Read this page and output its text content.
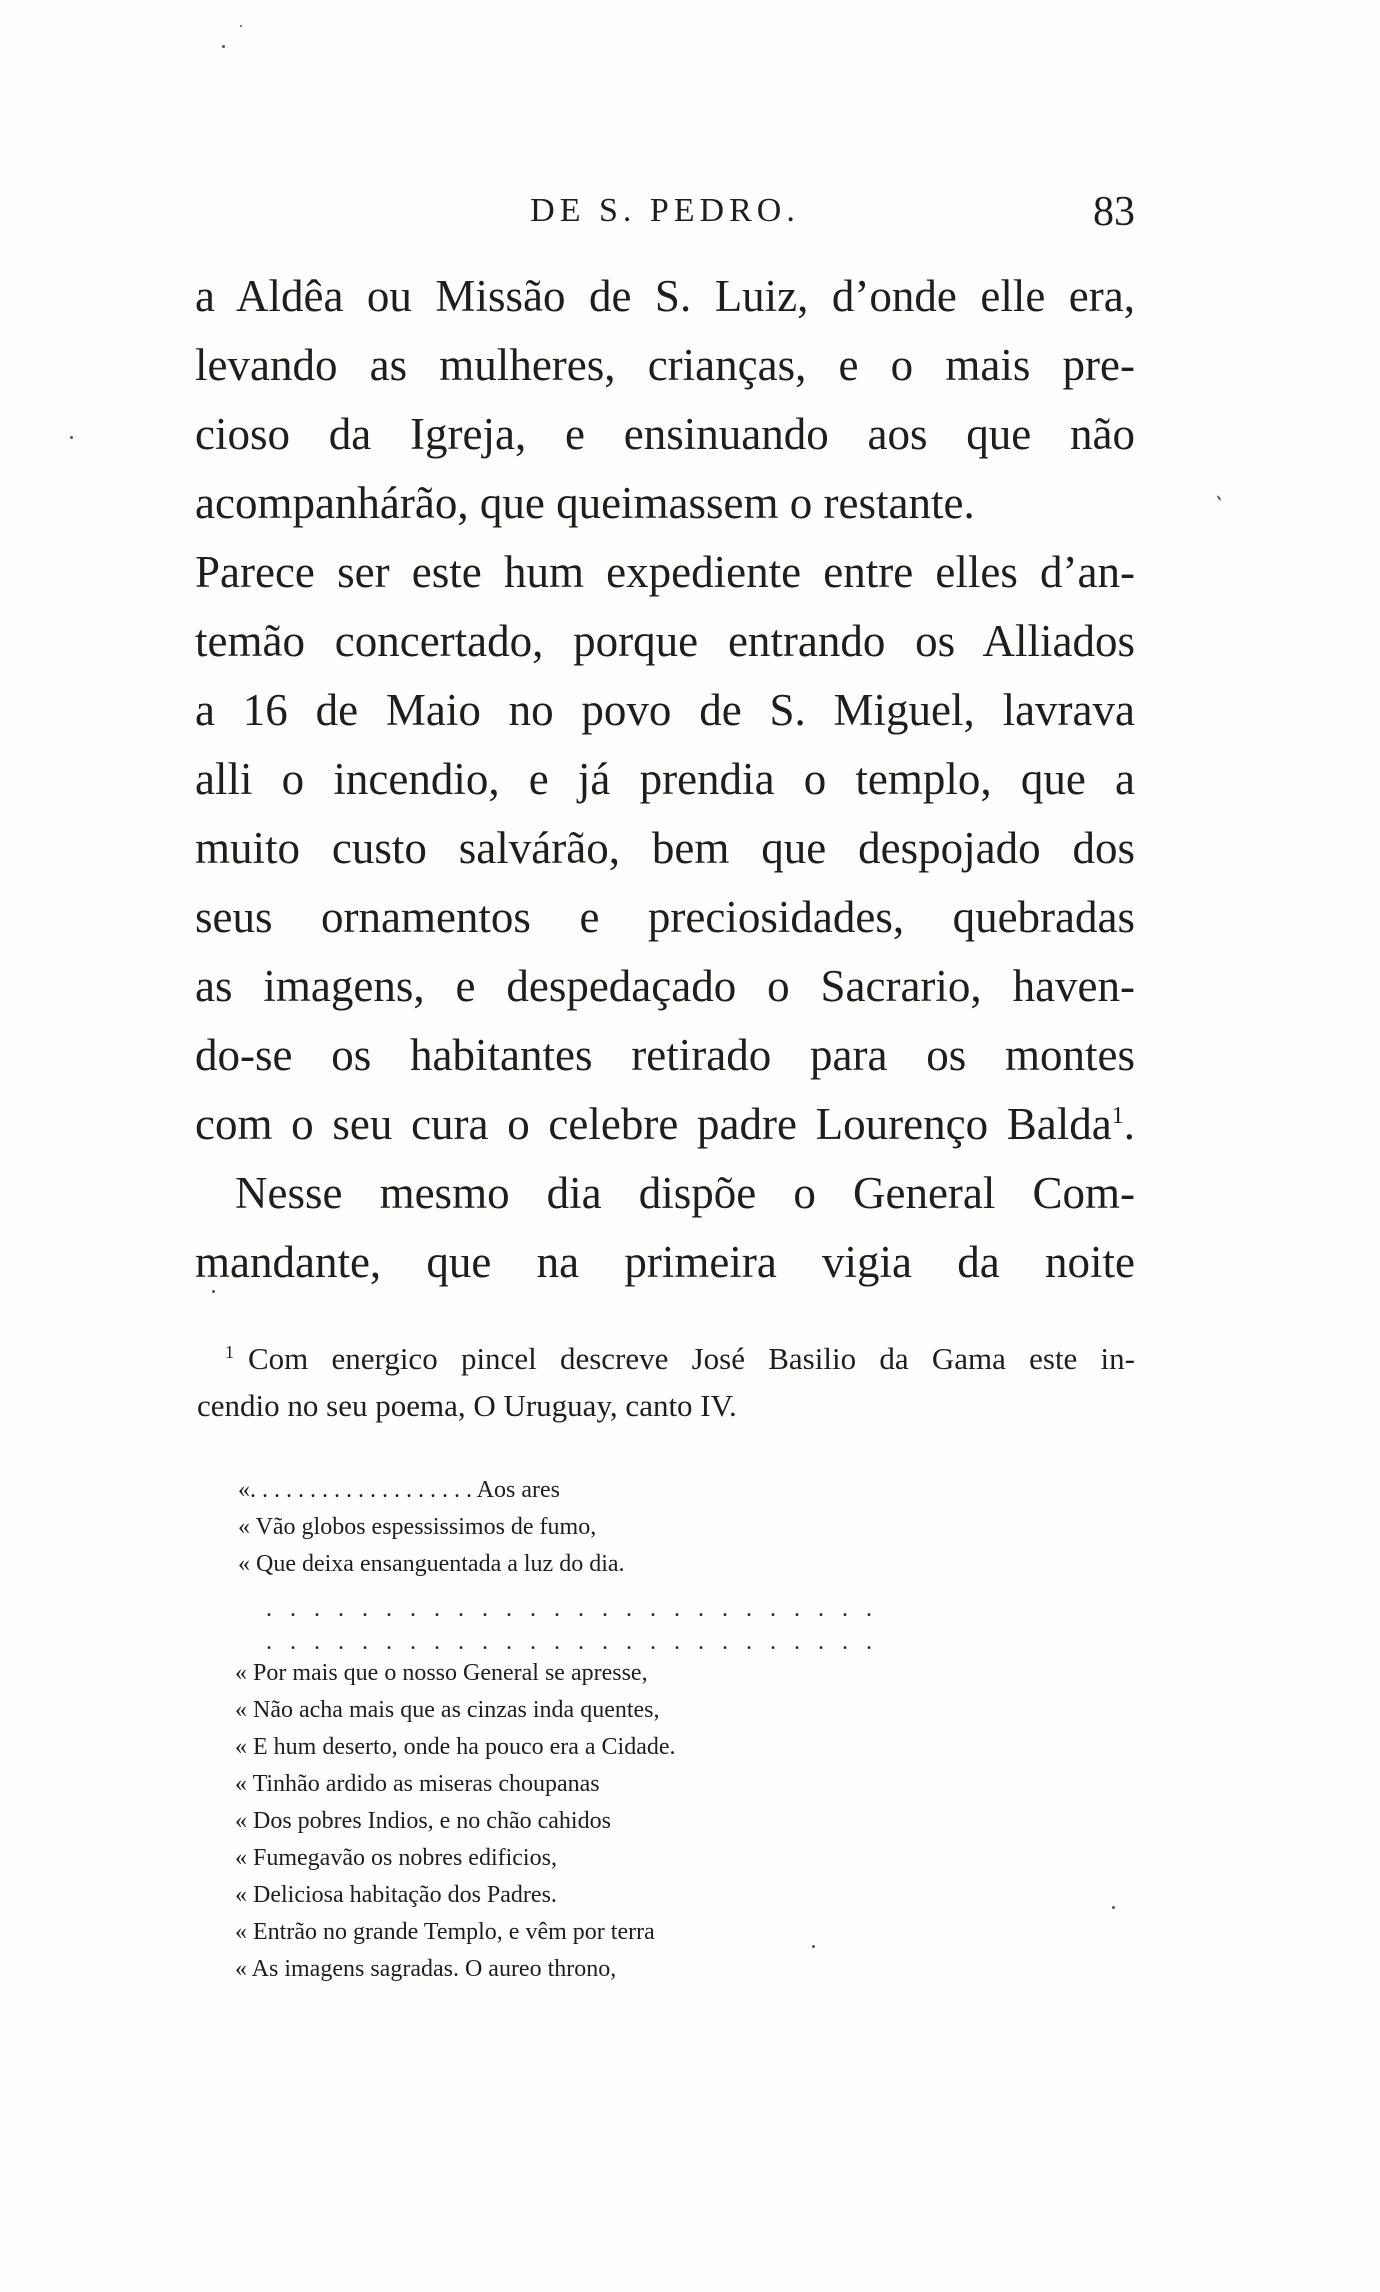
DE S. PEDRO.	83
a Aldêa ou Missão de S. Luiz, d’onde elle era,
levando as mulheres, crianças, e o mais pre-
cioso da Igreja, e ensinuando aos que não
acompanhárão, que queimassem o restante.
Parece ser este hum expediente entre elles d’an-
temão concertado, porque entrando os Alliados
a 16 de Maio no povo de S. Miguel, lavrava
alli o incendio, e já prendia o templo, que a
muito custo salvárão, bem que despojado dos
seus ornamentos e preciosidades, quebradas
as imagens, e despedaçado o Sacrario, haven-
do-se os habitantes retirado para os montes
com o seu cura o celebre padre Lourenço Balda$^1$.
Nesse mesmo dia dispõe o General Com-
mandante, que na primeira vigia da noite
$^1$ Com energico pincel descreve José Basilio da Gama este in-
cendio no seu poema, O Uruguay, canto IV.
«. . . . . . . . . . . . . . . . . . . Aos ares
« Vão globos espessissimos de fumo,
« Que deixa ensanguentada a luz do dia.
. . . . . . . . . . . . . . . . . . . . . . . . . .
. . . . . . . . . . . . . . . . . . . . . . . . . .
« Por mais que o nosso General se apresse,
« Não acha mais que as cinzas inda quentes,
« E hum deserto, onde ha pouco era a Cidade.
« Tinhão ardido as miseras choupanas
« Dos pobres Indios, e no chão cahidos
« Fumegavão os nobres edificios,
« Deliciosa habitação dos Padres.
« Entrão no grande Templo, e vêm por terra
« As imagens sagradas. O aureo throno,
